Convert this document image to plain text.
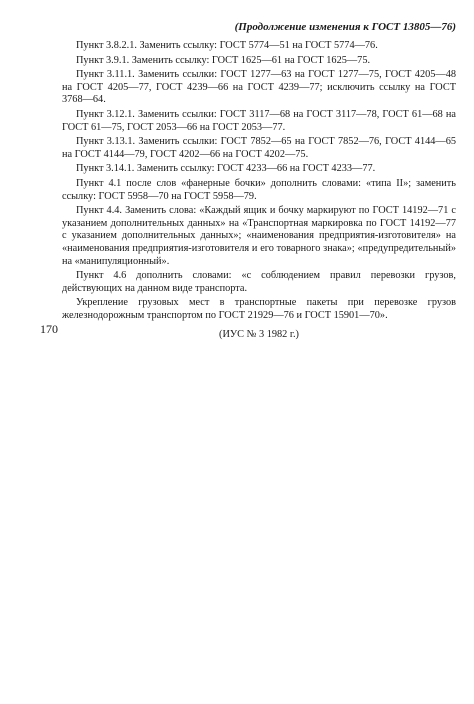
(Продолжение изменения к ГОСТ 13805—76)

Пункт 3.8.2.1. Заменить ссылку: ГОСТ 5774—51 на ГОСТ 5774—76.

Пункт 3.9.1. Заменить ссылку: ГОСТ 1625—61 на ГОСТ 1625—75.

Пункт 3.11.1. Заменить ссылки: ГОСТ 1277—63 на ГОСТ 1277—75, ГОСТ 4205—48 на ГОСТ 4205—77, ГОСТ 4239—66 на ГОСТ 4239—77; исключить ссылку на ГОСТ 3768—64.

Пункт 3.12.1. Заменить ссылки: ГОСТ 3117—68 на ГОСТ 3117—78, ГОСТ 61—68 на ГОСТ 61—75, ГОСТ 2053—66 на ГОСТ 2053—77.

Пункт 3.13.1. Заменить ссылки: ГОСТ 7852—65 на ГОСТ 7852—76, ГОСТ 4144—65 на ГОСТ 4144—79, ГОСТ 4202—66 на ГОСТ 4202—75.

Пункт 3.14.1. Заменить ссылку: ГОСТ 4233—66 на ГОСТ 4233—77.

Пункт 4.1 после слов «фанерные бочки» дополнить словами: «типа II»; заменить ссылку: ГОСТ 5958—70 на ГОСТ 5958—79.

Пункт 4.4. Заменить слова: «Каждый ящик и бочку маркируют по ГОСТ 14192—71 с указанием дополнительных данных» на «Транспортная маркировка по ГОСТ 14192—77 с указанием дополнительных данных»; «наименования предприятия-изготовителя» на «наименования предприятия-изготовителя и его товарного знака»; «предупредительный» на «манипуляционный».

Пункт 4.6 дополнить словами: «с соблюдением правил перевозки грузов, действующих на данном виде транспорта.

Укрепление грузовых мест в транспортные пакеты при перевозке грузов железнодорожным транспортом по ГОСТ 21929—76 и ГОСТ 15901—70».

(ИУС № 3 1982 г.)
170
